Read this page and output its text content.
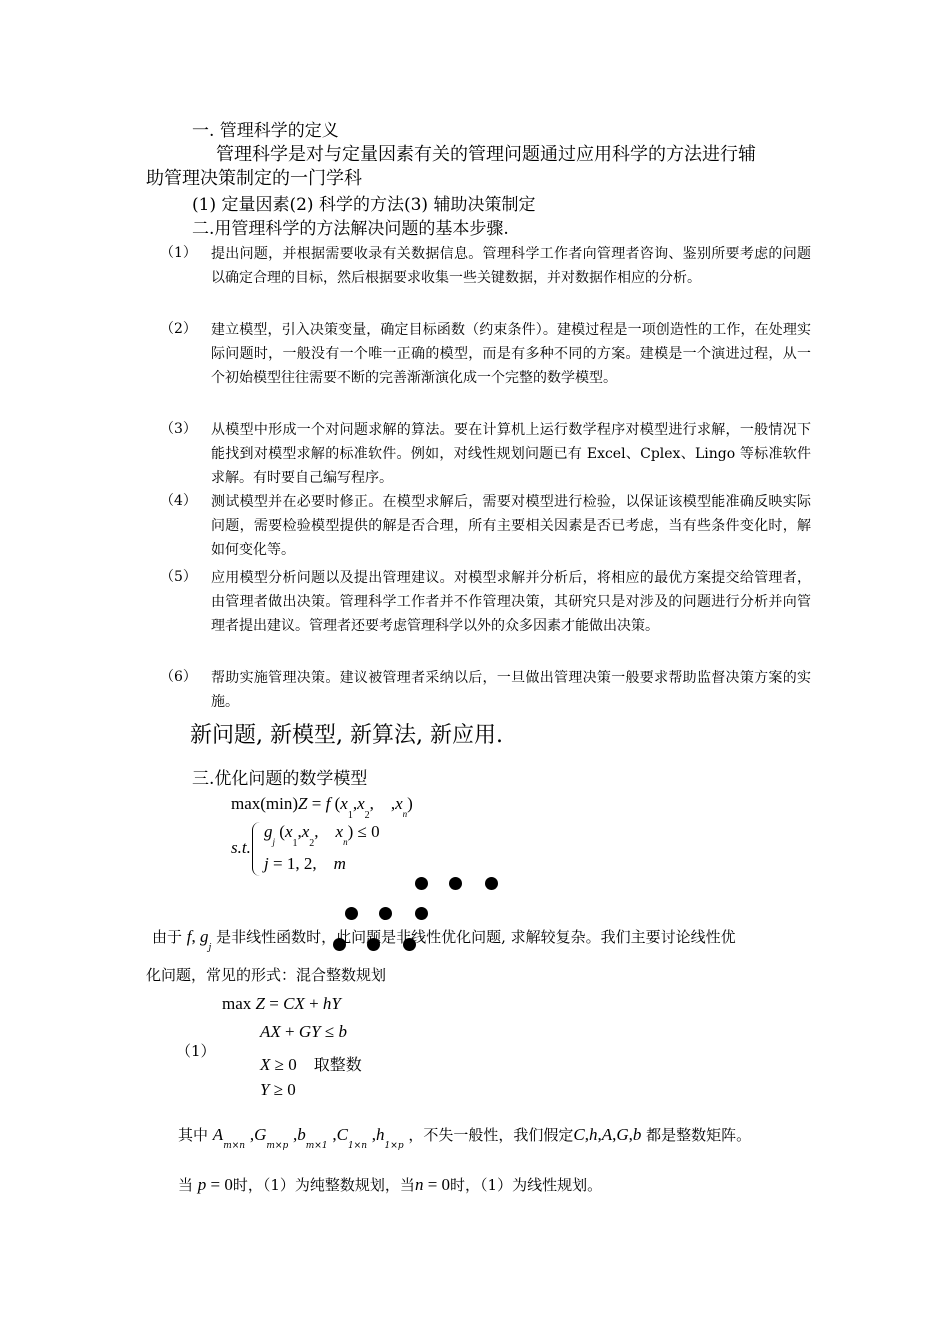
一. 管理科学的定义
管理科学是对与定量因素有关的管理问题通过应用科学的方法进行辅
助管理决策制定的一门学科
(1) 定量因素(2) 科学的方法(3) 辅助决策制定
二.用管理科学的方法解决问题的基本步骤.
（1） 提出问题，并根据需要收录有关数据信息。管理科学工作者向管理者咨询、鉴别所要考虑的问题以确定合理的目标，然后根据要求收集一些关键数据，并对数据作相应的分析。
（2） 建立模型，引入决策变量，确定目标函数（约束条件）。建模过程是一项创造性的工作，在处理实际问题时，一般没有一个唯一正确的模型，而是有多种不同的方案。建模是一个演进过程，从一个初始模型往往需要不断的完善渐渐演化成一个完整的数学模型。
（3） 从模型中形成一个对问题求解的算法。要在计算机上运行数学程序对模型进行求解，一般情况下能找到对模型求解的标准软件。例如，对线性规划问题已有 Excel、Cplex、Lingo 等标准软件求解。有时要自己编写程序。
（4） 测试模型并在必要时修正。在模型求解后，需要对模型进行检验，以保证该模型能准确反映实际问题，需要检验模型提供的解是否合理，所有主要相关因素是否已考虑，当有些条件变化时，解如何变化等。
（5） 应用模型分析问题以及提出管理建议。对模型求解并分析后，将相应的最优方案提交给管理者，由管理者做出决策。管理科学工作者并不作管理决策，其研究只是对涉及的问题进行分析并向管理者提出建议。管理者还要考虑管理科学以外的众多因素才能做出决策。
（6） 帮助实施管理决策。建议被管理者采纳以后，一旦做出管理决策一般要求帮助监督决策方案的实施。
新问题, 新模型, 新算法, 新应用.
三.优化问题的数学模型
max(min)Z = f ($x_1,x_2$,    $,x_n$)
s.t.
$g_j$ ($x_1,x_2$,    $x_n) \le 0$
j = 1, 2,    m
由于 f, $g_j$ 是非线性函数时，此问题是非线性优化问题, 求解较复杂。我们主要讨论线性优
化问题，常见的形式：混合整数规划
max Z = CX + hY
AX + GY ≤ b
（1）
X ≥ 0    取整数
Y ≥ 0
其中 $A_{m\times n}$ $,G_{m\times p}$ $,b_{m\times 1}$ $,C_{1\times n}$ $,h_{1\times p}$ ，不失一般性，我们假定C,h,A,G,b 都是整数矩阵。
当 p = 0时，（1）为纯整数规划，当n = 0时，（1）为线性规划。
